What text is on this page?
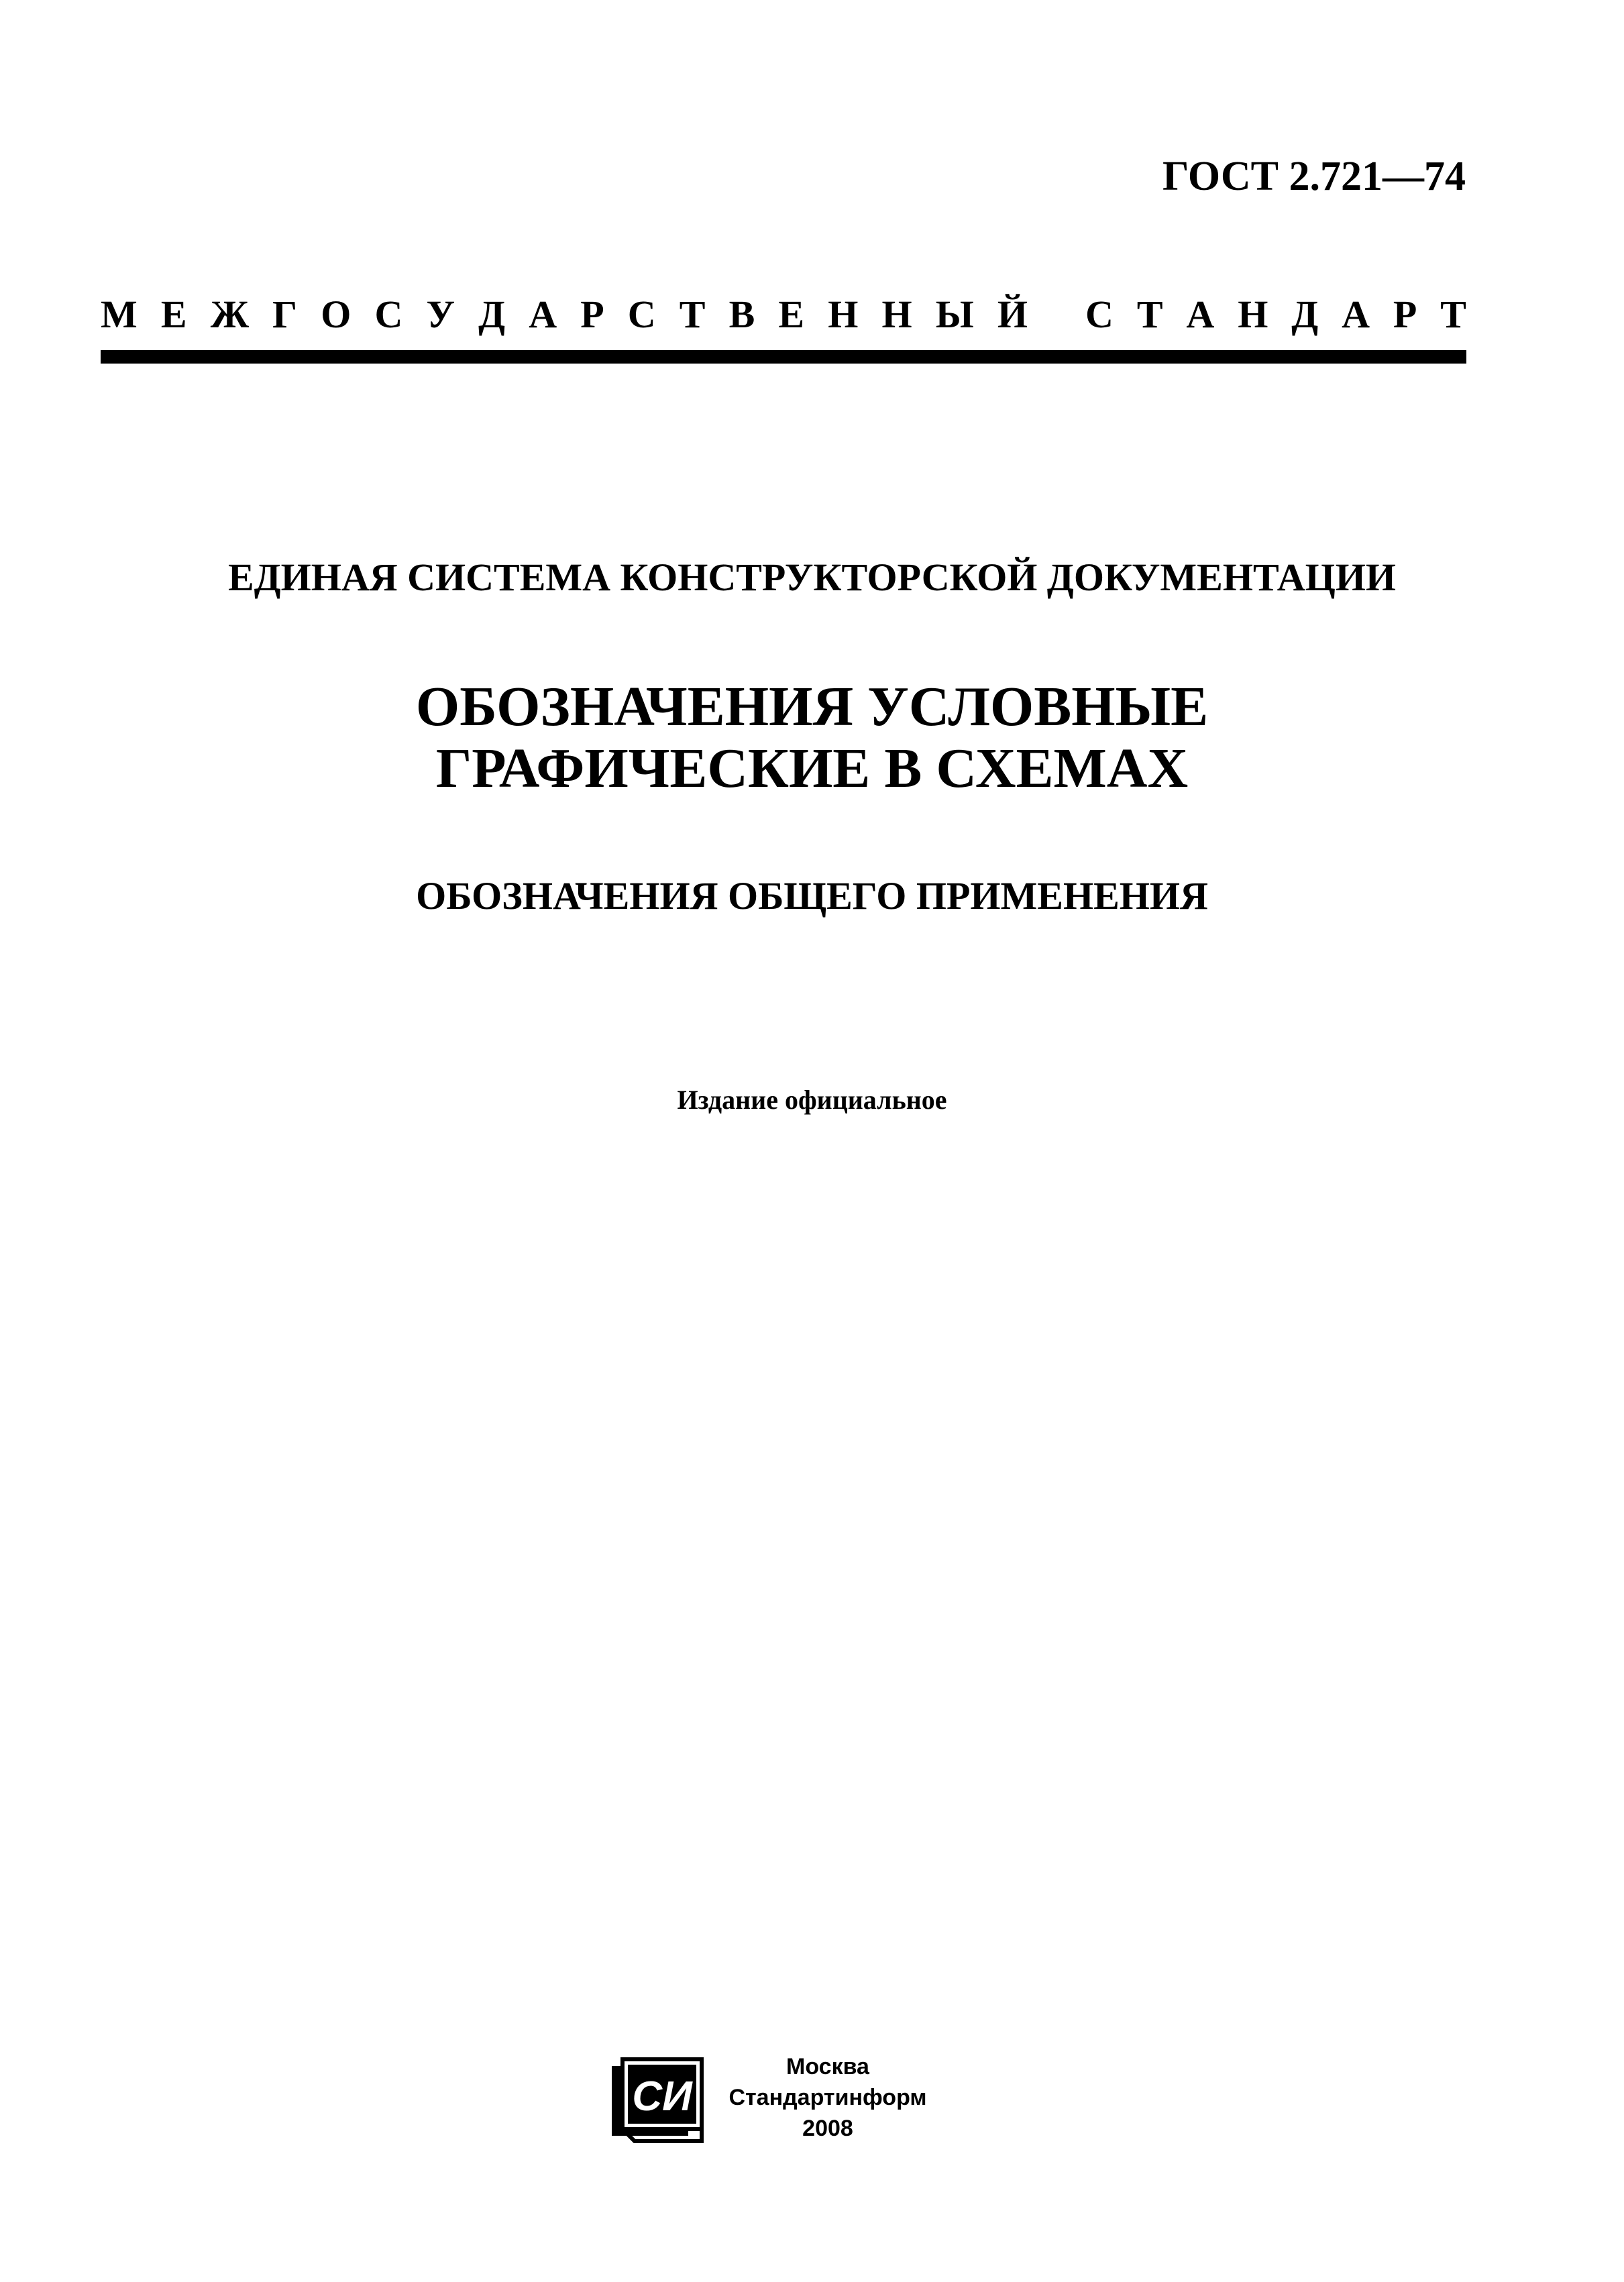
ГОСТ 2.721—74
М Е Ж Г О С У Д А Р С Т В Е Н Н Ы Й С Т А Н Д А Р Т
ЕДИНАЯ СИСТЕМА КОНСТРУКТОРСКОЙ ДОКУМЕНТАЦИИ
ОБОЗНАЧЕНИЯ УСЛОВНЫЕ
ГРАФИЧЕСКИЕ В СХЕМАХ
ОБОЗНАЧЕНИЯ ОБЩЕГО ПРИМЕНЕНИЯ
Издание официальное
СИ
Москва
Стандартинформ
2008
